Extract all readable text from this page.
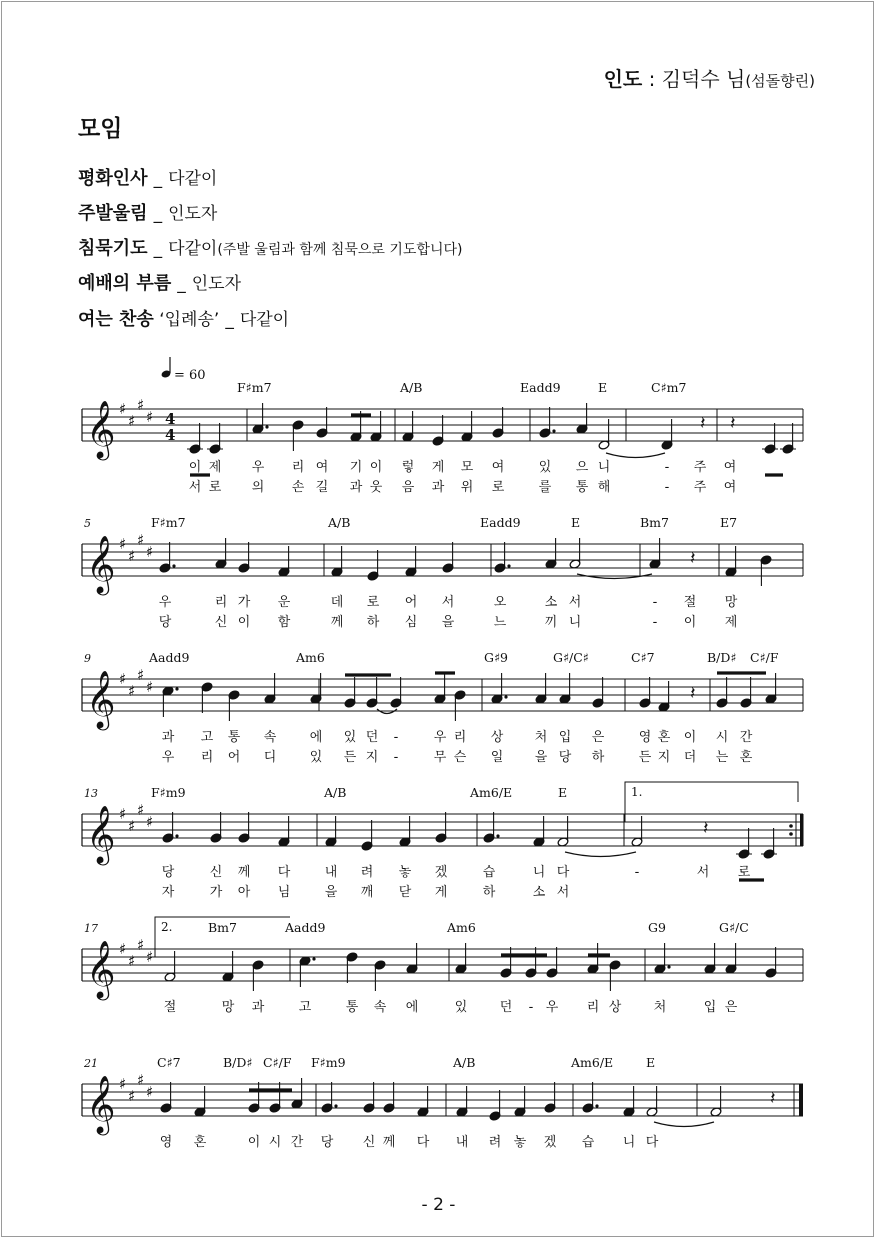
인도 : 김덕수 님(섬돌향린)
모임
평화인사 _ 다같이
주발울림 _ 인도자
침묵기도 _ 다같이(주발 울림과 함께 침묵으로 기도합니다)
예배의 부름 _ 인도자
여는 찬송 ‘입례송’ _ 다같이
= 60
𝄞 ♯
♯
♯
♯ 4
4
𝄽 𝄽
F♯m7	A/B	Eadd9	E	C♯m7
𝄞 ♯
♯
♯
♯
5
𝄽
F♯m7	A/B	Eadd9	E	Bm7	E7
𝄞 ♯
♯
♯
♯
9
𝄽
Aadd9	Am6	G♯9	G♯/C♯	C♯7	B/D♯ C♯/F
𝄞 ♯
♯
♯
♯
13
𝄽
F♯m9	A/B	Am6/E	E	1.
𝄞 ♯
♯
♯
♯
17	Bm7	Aadd9	Am6	G9	G♯/C
2.
𝄞 ♯
♯
♯
♯
21
𝄽
C♯7	B/D♯ C♯/F F♯m9	A/B	Am6/E	E
이 제 우 리 여 기 이 렇 게 모 여	있 으 니	- 주 여
서 로 의 손 길 과 웃 음 과 위 로	를 통 해	- 주 여
우	리 가 운	데 로 어 서	오	소 서	- 절 망
당	신 이 함	께 하 심 을	느	끼 니	- 이 제
과 고 통 속	에 있 던 -	우 리 상 처 입 은	영 혼 이 시 간
우 리 어 디	있 든 지 -	무 슨 일 을 당 하	든 지 더 는 혼
당	신 께 다	내 려 놓 겠	습	니 다	-	서 로
자	가 아 님	을 깨 닫 게	하	소 서
절	망 과	고	통 속 에	있 던 - 우 리 상 처	입 은
영 혼	이 시 간 당 신 께 다 내 려 놓 겠 습 니 다
- 2 -
